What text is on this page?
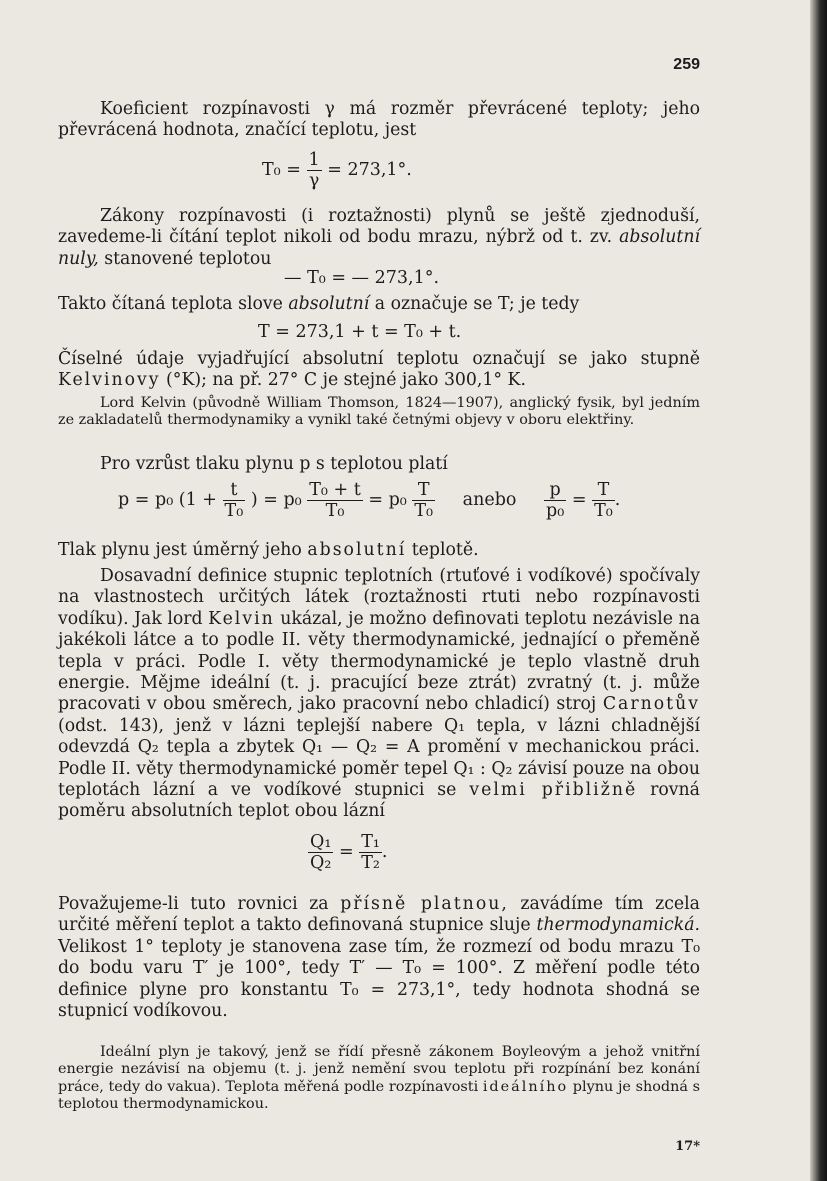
259
Koeficient rozpínavosti γ má rozměr převrácené teploty; jeho převrácená hodnota, značící teplotu, jest
$T_0 = \frac{1}{\gamma} = 273,1^\circ$.
Zákony rozpínavosti (i roztažnosti) plynů se ještě zjednoduší, zavedeme-li čítání teplot nikoli od bodu mrazu, nýbrž od t. zv. absolutní nuly, stanovené teplotou
— T₀ = — 273,1°.
Takto čítaná teplota slove absolutní a označuje se T; je tedy
T = 273,1 + t = T₀ + t.
Číselné údaje vyjadřující absolutní teplotu označují se jako stupně Kelvinovy (°K); na př. 27° C je stejné jako 300,1° K.
Lord Kelvin (původně William Thomson, 1824—1907), anglický fysik, byl jedním ze zakladatelů thermodynamiky a vynikl také četnými objevy v oboru elektřiny.
Pro vzrůst tlaku plynu p s teplotou platí
p = p₀ ($1 + \frac{t}{\text{T₀}}$ ) = $p_0 \frac{\text{T₀ + t}}{\text{T₀}} = p_0 \frac{T}{\text{T₀}}$ anebo $\frac{p}{\text{p₀}} = \frac{T}{\text{T₀}}$ .
Tlak plynu jest úměrný jeho absolutní teplotě.
Dosavadní definice stupnic teplotních (rtuťové i vodíkové) spočívaly na vlastnostech určitých látek (roztažnosti rtuti nebo rozpínavosti vodíku). Jak lord Kelvin ukázal, je možno definovati teplotu nezávisle na jakékoli látce a to podle II. věty thermodynamické, jednající o přeměně tepla v práci. Podle I. věty thermodynamické je teplo vlastně druh energie. Mějme ideální (t. j. pracující beze ztrát) zvratný (t. j. může pracovati v obou směrech, jako pracovní nebo chladicí) stroj Carnotův (odst. 143), jenž v lázni teplejší nabere Q₁ tepla, v lázni chladnější odevzdá Q₂ tepla a zbytek Q₁ — Q₂ = A promění v mechanickou práci. Podle II. věty thermodynamické poměr tepel Q₁ : Q₂ závisí pouze na obou teplotách lázní a ve vodíkové stupnici se velmi přibližně rovná poměru absolutních teplot obou lázní
$\frac{\text{Q₁}}{\text{Q₂}} = \frac{\text{T₁}}{\text{T₂}}$ .
Považujeme-li tuto rovnici za přísně platnou, zavádíme tím zcela určité měření teplot a takto definovaná stupnice sluje thermodynamická. Velikost 1° teploty je stanovena zase tím, že rozmezí od bodu mrazu T₀ do bodu varu T′ je 100°, tedy T′ — T₀ = 100°. Z měření podle této definice plyne pro konstantu T₀ = 273,1°, tedy hodnota shodná se stupnicí vodíkovou.
Ideální plyn je takový, jenž se řídí přesně zákonem Boyleovým a jehož vnitřní energie nezávisí na objemu (t. j. jenž nemění svou teplotu při rozpínání bez konání práce, tedy do vakua). Teplota měřená podle rozpínavosti ideálního plynu je shodná s teplotou thermodynamickou.
17*
